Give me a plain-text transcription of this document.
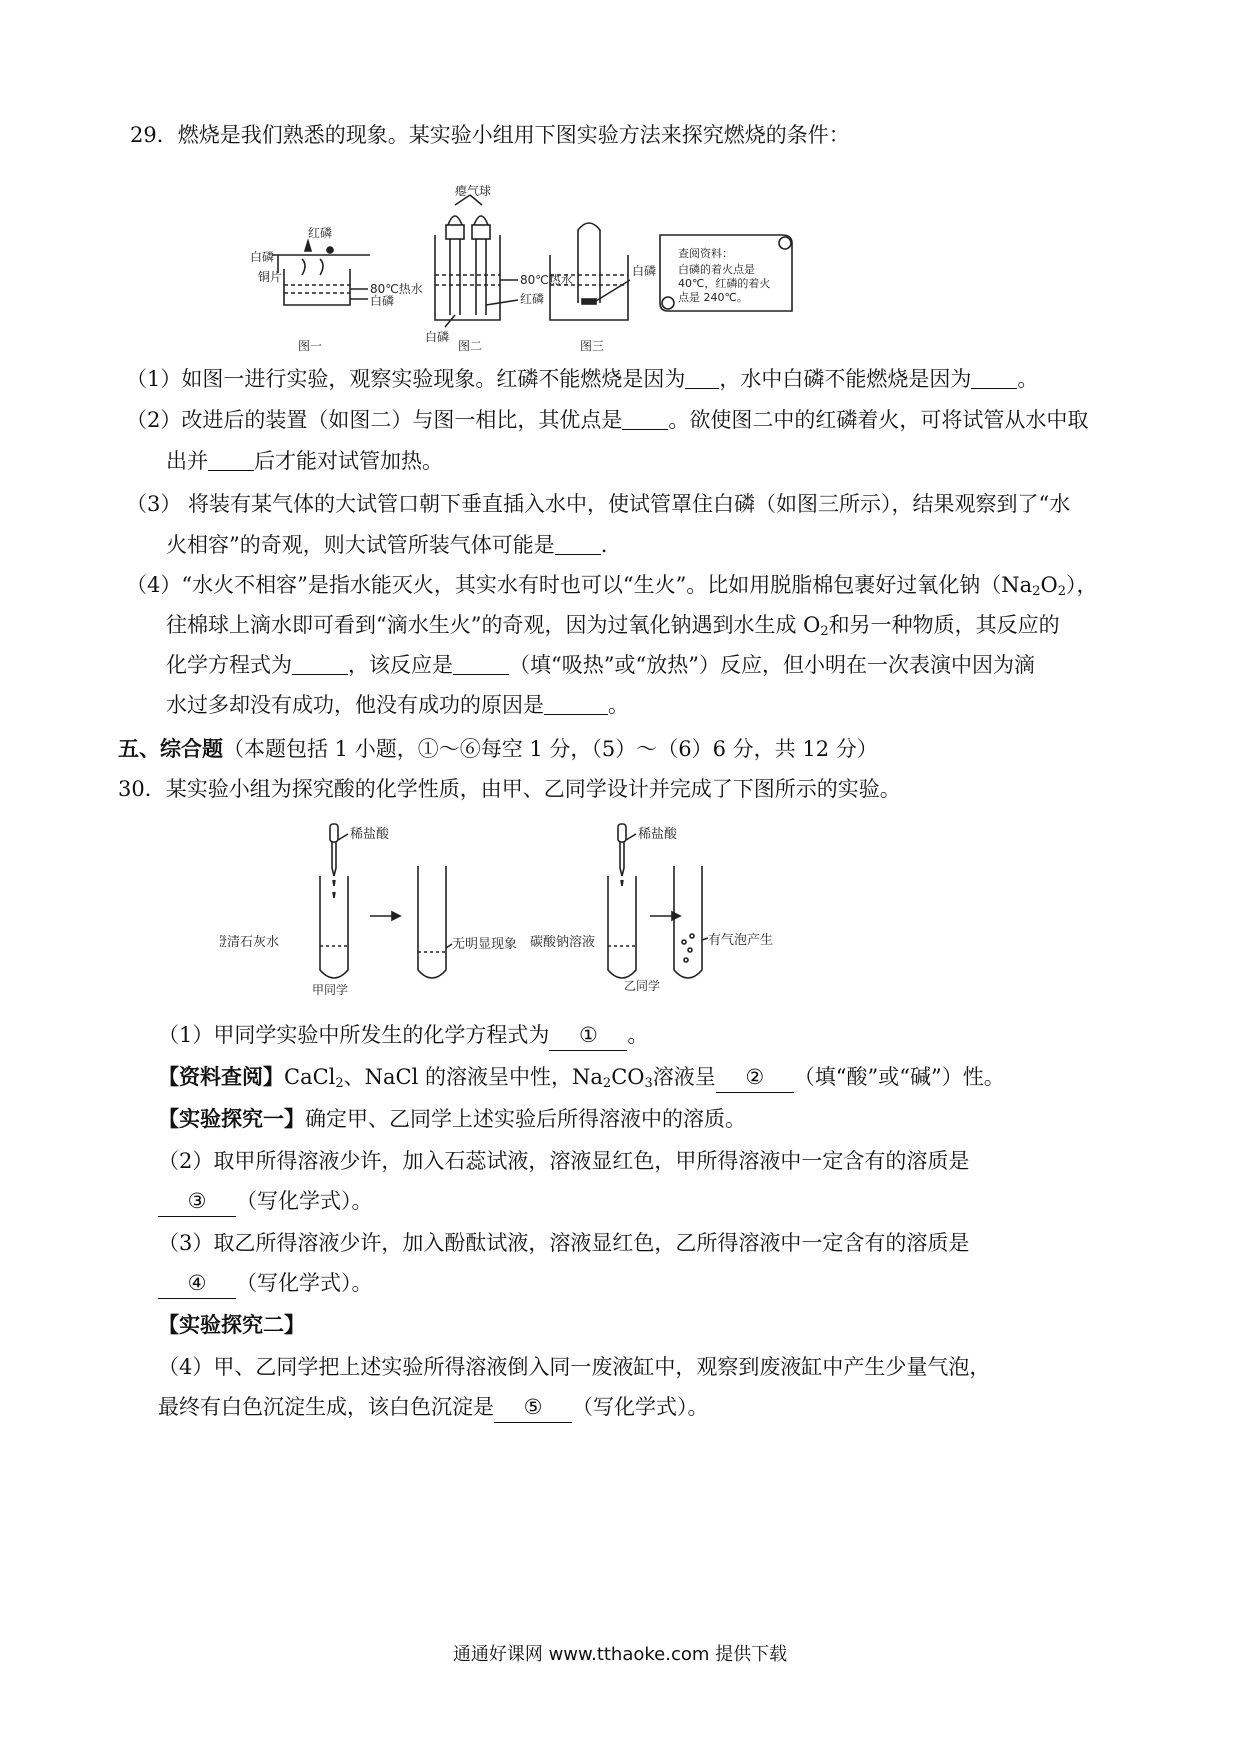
29．燃烧是我们熟悉的现象。某实验小组用下图实验方法来探究燃烧的条件：
白磷
红磷
铜片
80℃热水
白磷
瘪气球
80℃热水
红磷
白磷
白磷
图一	图二	图三
查阅资料：
白磷的着火点是
40℃，红磷的着火
点是 240℃。
（1）如图一进行实验，观察实验现象。红磷不能燃烧是因为 ，水中白磷不能燃烧是因为 。
（2）改进后的装置（如图二）与图一相比，其优点是 。欲使图二中的红磷着火，可将试管从水中取
出并 后才能对试管加热。
（3） 将装有某气体的大试管口朝下垂直插入水中，使试管罩住白磷（如图三所示），结果观察到了“水
火相容”的奇观，则大试管所装气体可能是 .
（4）“水火不相容”是指水能灭火，其实水有时也可以“生火”。比如用脱脂棉包裹好过氧化钠$(Na_2O_2)$，
往棉球上滴水即可看到“滴水生火”的奇观，因为过氧化钠遇到水生成 $O_2$和另一种物质，其反应的
化学方程式为	，该反应是	（填“吸热”或“放热”）反应，但小明在一次表演中因为滴
水过多却没有成功，他没有成功的原因是	。
五、综合题（本题包括 1 小题，①～⑥每空 1 分，（5）～（6）6 分，共 12 分）
30．某实验小组为探究酸的化学性质，由甲、乙同学设计并完成了下图所示的实验。
稀盐酸
澄清石灰水	无明显现象
甲同学
稀盐酸
碳酸钠溶液	有气泡产生
乙同学
（1）甲同学实验中所发生的化学方程式为 ① 。
【资料查阅】CaCl$_2$、NaCl 的溶液呈中性，$Na_2CO_3$溶液呈 ② （填“酸”或“碱”）性。
【实验探究一】确定甲、乙同学上述实验后所得溶液中的溶质。
（2）取甲所得溶液少许，加入石蕊试液，溶液显红色，甲所得溶液中一定含有的溶质是
③ （写化学式）。
（3）取乙所得溶液少许，加入酚酞试液，溶液显红色，乙所得溶液中一定含有的溶质是
④ （写化学式）。
【实验探究二】
（4）甲、乙同学把上述实验所得溶液倒入同一废液缸中，观察到废液缸中产生少量气泡，
最终有白色沉淀生成，该白色沉淀是 ⑤ （写化学式）。
通通好课网 www.tthaoke.com 提供下载
